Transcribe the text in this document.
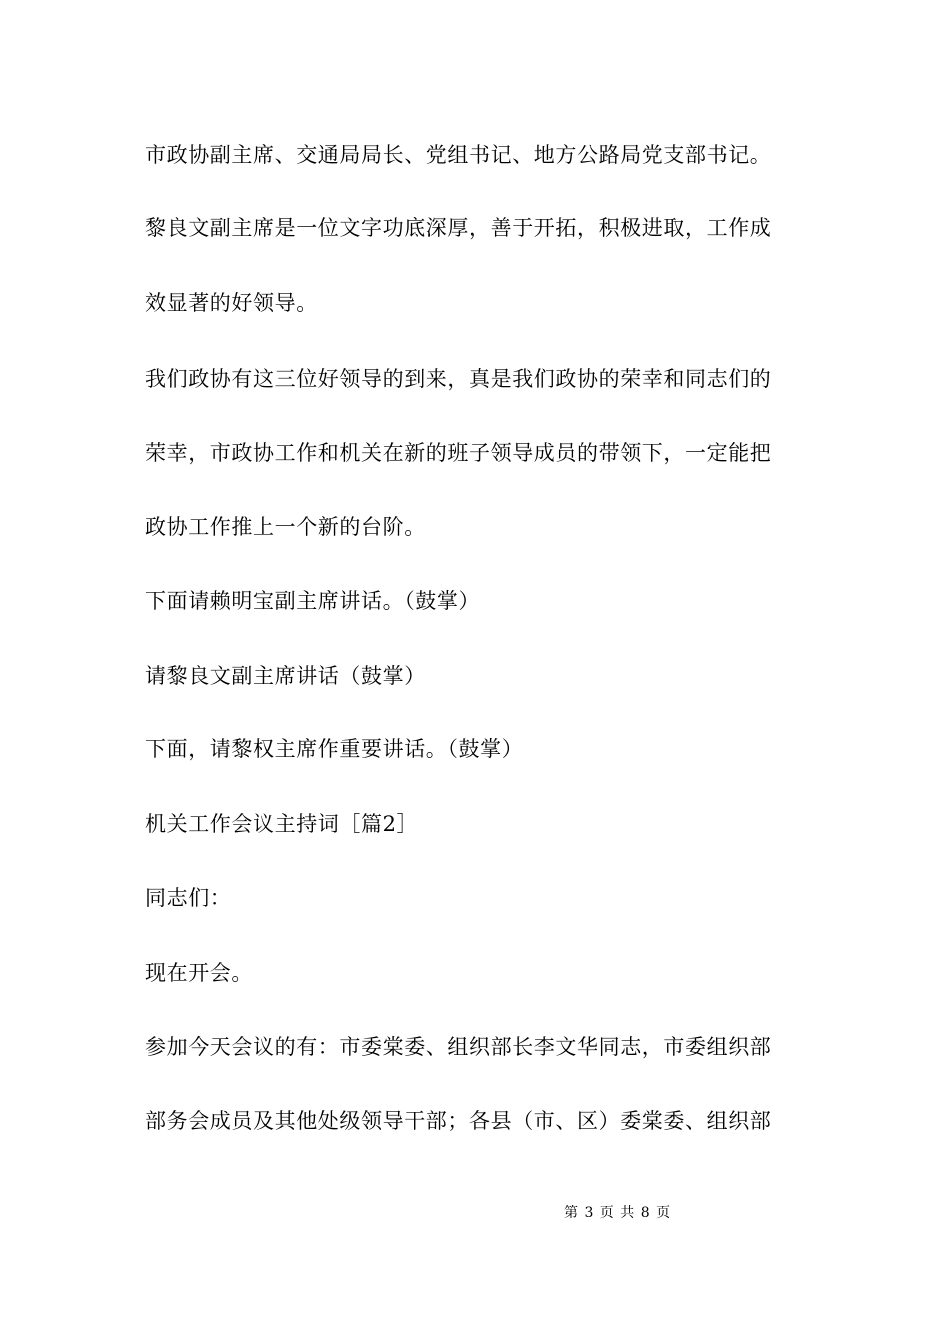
市政协副主席、交通局局长、党组书记、地方公路局党支部书记。
黎良文副主席是一位文字功底深厚，善于开拓，积极进取，工作成
效显著的好领导。
我们政协有这三位好领导的到来，真是我们政协的荣幸和同志们的
荣幸，市政协工作和机关在新的班子领导成员的带领下，一定能把
政协工作推上一个新的台阶。
下面请赖明宝副主席讲话。（鼓掌）
请黎良文副主席讲话（鼓掌）
下面，请黎权主席作重要讲话。（鼓掌）
机关工作会议主持词［篇2］
同志们：
现在开会。
参加今天会议的有：市委棠委、组织部长李文华同志，市委组织部
部务会成员及其他处级领导干部；各县（市、区）委棠委、组织部
第 3 页 共 8 页
